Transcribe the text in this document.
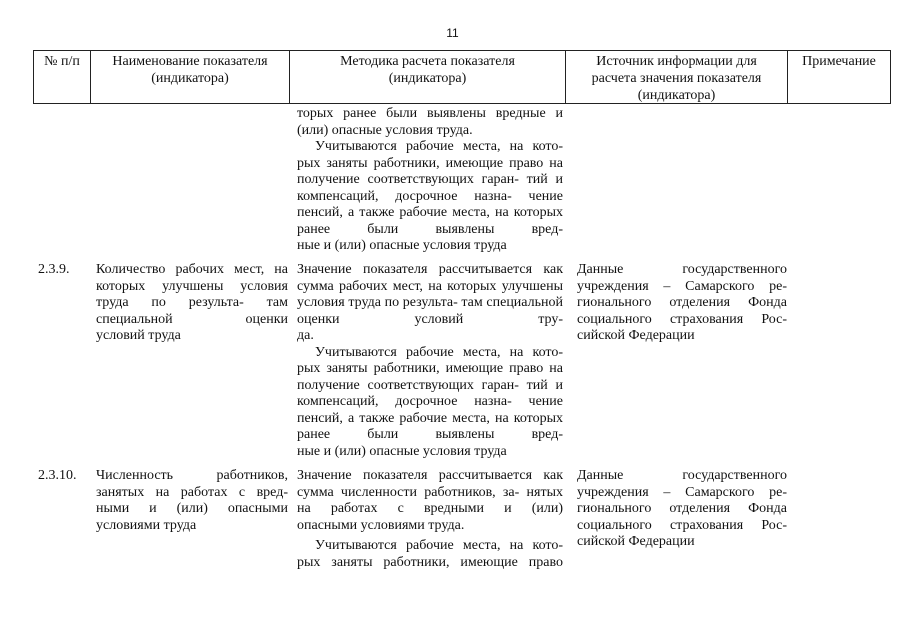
11
№ п/п	Наименование показателя
(индикатора)
Методика расчета показателя
(индикатора)
Источник информации для
расчета значения показателя
(индикатора)
Примечание

торых ранее были выявлены вредные и
(или) опасные условия труда.
Учитываются рабочие места, на кото-
рых заняты работники, имеющие право на получение соответствующих гаран- тий и компенсаций, досрочное назна- чение пенсий, а также рабочие места, на которых ранее были выявлены вред-
ные и (или) опасные условия труда

2.3.9. Количество рабочих мест, на которых улучшены условия труда по результа- там специальной оценки
условий труда

Значение показателя рассчитывается как сумма рабочих мест, на которых улучшены условия труда по результа- там специальной оценки условий тру-
да.
Учитываются рабочие места, на кото-
рых заняты работники, имеющие право на получение соответствующих гаран- тий и компенсаций, досрочное назна- чение пенсий, а также рабочие места, на которых ранее были выявлены вред-
ные и (или) опасные условия труда

Данные государственного учреждения – Самарского ре- гионального отделения Фонда социального страхования Рос-
сийской Федерации

2.3.10. Численность работников, занятых на работах с вред- ными и (или) опасными
условиями труда

Значение показателя рассчитывается как сумма численности работников, за- нятых на работах с вредными и (или)
опасными условиями труда.
Учитываются рабочие места, на кото-
рых заняты работники, имеющие право

Данные государственного учреждения – Самарского ре- гионального отделения Фонда социального страхования Рос-
сийской Федерации
